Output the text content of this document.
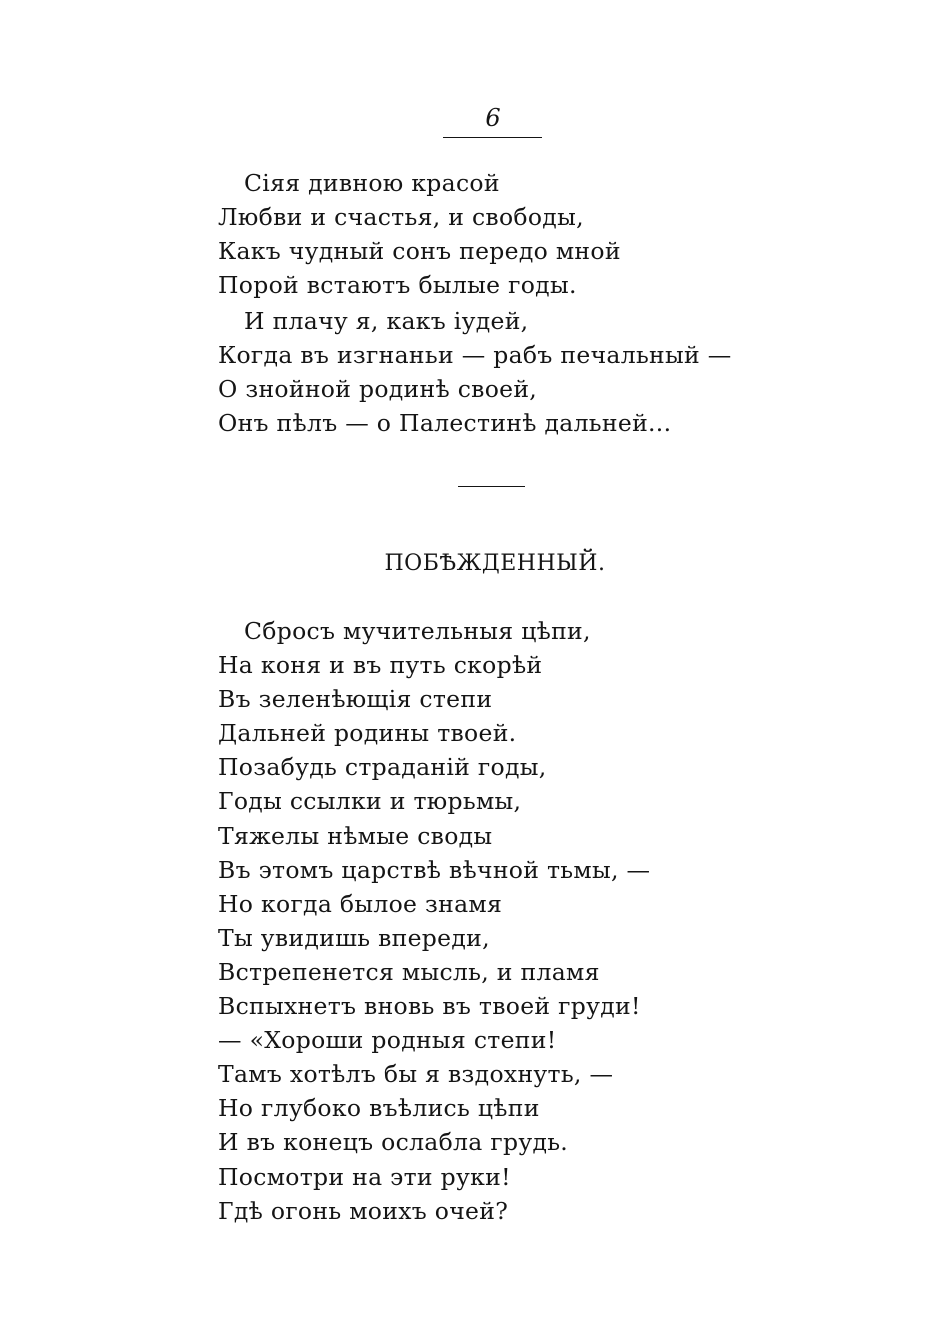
6
Сiяя дивною красой
Любви и счастья, и свободы,
Какъ чудный сонъ передо мной
Порой встаютъ былые годы.
И плачу я, какъ iудей,
Когда въ изгнаньи — рабъ печальный —
О знойной родинѣ своей,
Онъ пѣлъ — о Палестинѣ дальней...
ПОБѢЖДЕННЫЙ.
Сбросъ мучительныя цѣпи,
На коня и въ путь скорѣй
Въ зеленѣющiя степи
Дальней родины твоей.
Позабудь страданiй годы,
Годы ссылки и тюрьмы,
Тяжелы нѣмые своды
Въ этомъ царствѣ вѣчной тьмы, —
Но когда былое знамя
Ты увидишь впереди,
Встрепенется мысль, и пламя
Вспыхнетъ вновь въ твоей груди!
— «Хороши родныя степи!
Тамъ хотѣлъ бы я вздохнуть, —
Но глубоко въѣлись цѣпи
И въ конецъ ослабла грудь.
Посмотри на эти руки!
Гдѣ огонь моихъ очей?
